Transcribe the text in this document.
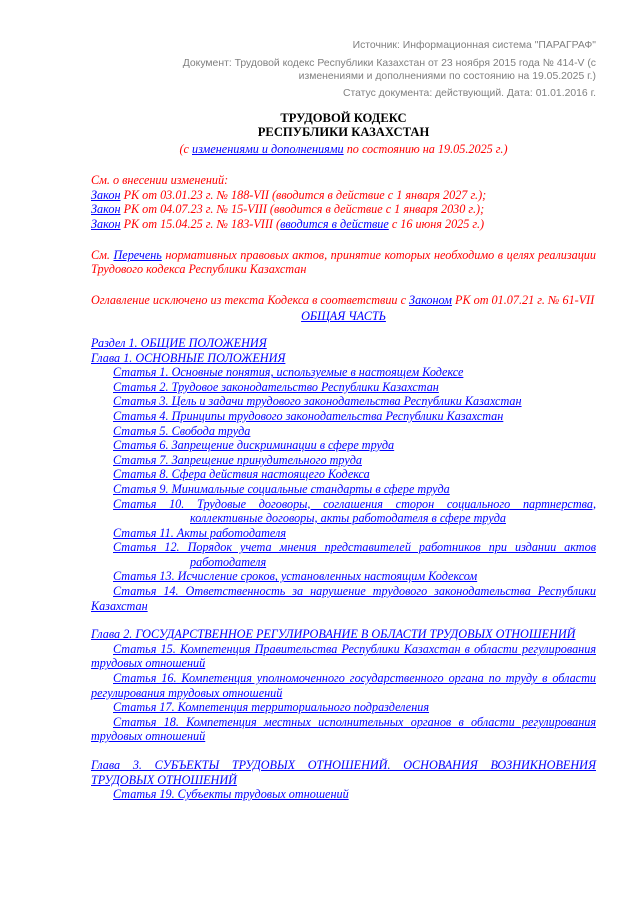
Источник: Информационная система "ПАРАГРАФ"
Документ: Трудовой кодекс Республики Казахстан от 23 ноября 2015 года № 414-V (с изменениями и дополнениями по состоянию на 19.05.2025 г.)
Статус документа: действующий. Дата: 01.01.2016 г.
ТРУДОВОЙ КОДЕКС
РЕСПУБЛИКИ КАЗАХСТАН
(с изменениями и дополнениями по состоянию на 19.05.2025 г.)
См. о внесении изменений:
Закон РК от 03.01.23 г. № 188-VII (вводится в действие с 1 января 2027 г.);
Закон РК от 04.07.23 г. № 15-VIII (вводится в действие с 1 января 2030 г.);
Закон РК от 15.04.25 г. № 183-VIII (вводится в действие с 16 июня 2025 г.)
См. Перечень нормативных правовых актов, принятие которых необходимо в целях реализации Трудового кодекса Республики Казахстан
Оглавление исключено из текста Кодекса в соответствии с Законом РК от 01.07.21 г. № 61-VII
ОБЩАЯ ЧАСТЬ
Раздел 1. ОБЩИЕ ПОЛОЖЕНИЯ
Глава 1. ОСНОВНЫЕ ПОЛОЖЕНИЯ
Статья 1. Основные понятия, используемые в настоящем Кодексе
Статья 2. Трудовое законодательство Республики Казахстан
Статья 3. Цель и задачи трудового законодательства Республики Казахстан
Статья 4. Принципы трудового законодательства Республики Казахстан
Статья 5. Свобода труда
Статья 6. Запрещение дискриминации в сфере труда
Статья 7. Запрещение принудительного труда
Статья 8. Сфера действия настоящего Кодекса
Статья 9. Минимальные социальные стандарты в сфере труда
Статья 10. Трудовые договоры, соглашения сторон социального партнерства, коллективные договоры, акты работодателя в сфере труда
Статья 11. Акты работодателя
Статья 12. Порядок учета мнения представителей работников при издании актов работодателя
Статья 13. Исчисление сроков, установленных настоящим Кодексом
Статья 14. Ответственность за нарушение трудового законодательства Республики Казахстан
Глава 2. ГОСУДАРСТВЕННОЕ РЕГУЛИРОВАНИЕ В ОБЛАСТИ ТРУДОВЫХ ОТНОШЕНИЙ
Статья 15. Компетенция Правительства Республики Казахстан в области регулирования трудовых отношений
Статья 16. Компетенция уполномоченного государственного органа по труду в области регулирования трудовых отношений
Статья 17. Компетенция территориального подразделения
Статья 18. Компетенция местных исполнительных органов в области регулирования трудовых отношений
Глава 3. СУБЪЕКТЫ ТРУДОВЫХ ОТНОШЕНИЙ. ОСНОВАНИЯ ВОЗНИКНОВЕНИЯ ТРУДОВЫХ ОТНОШЕНИЙ
Статья 19. Субъекты трудовых отношений
